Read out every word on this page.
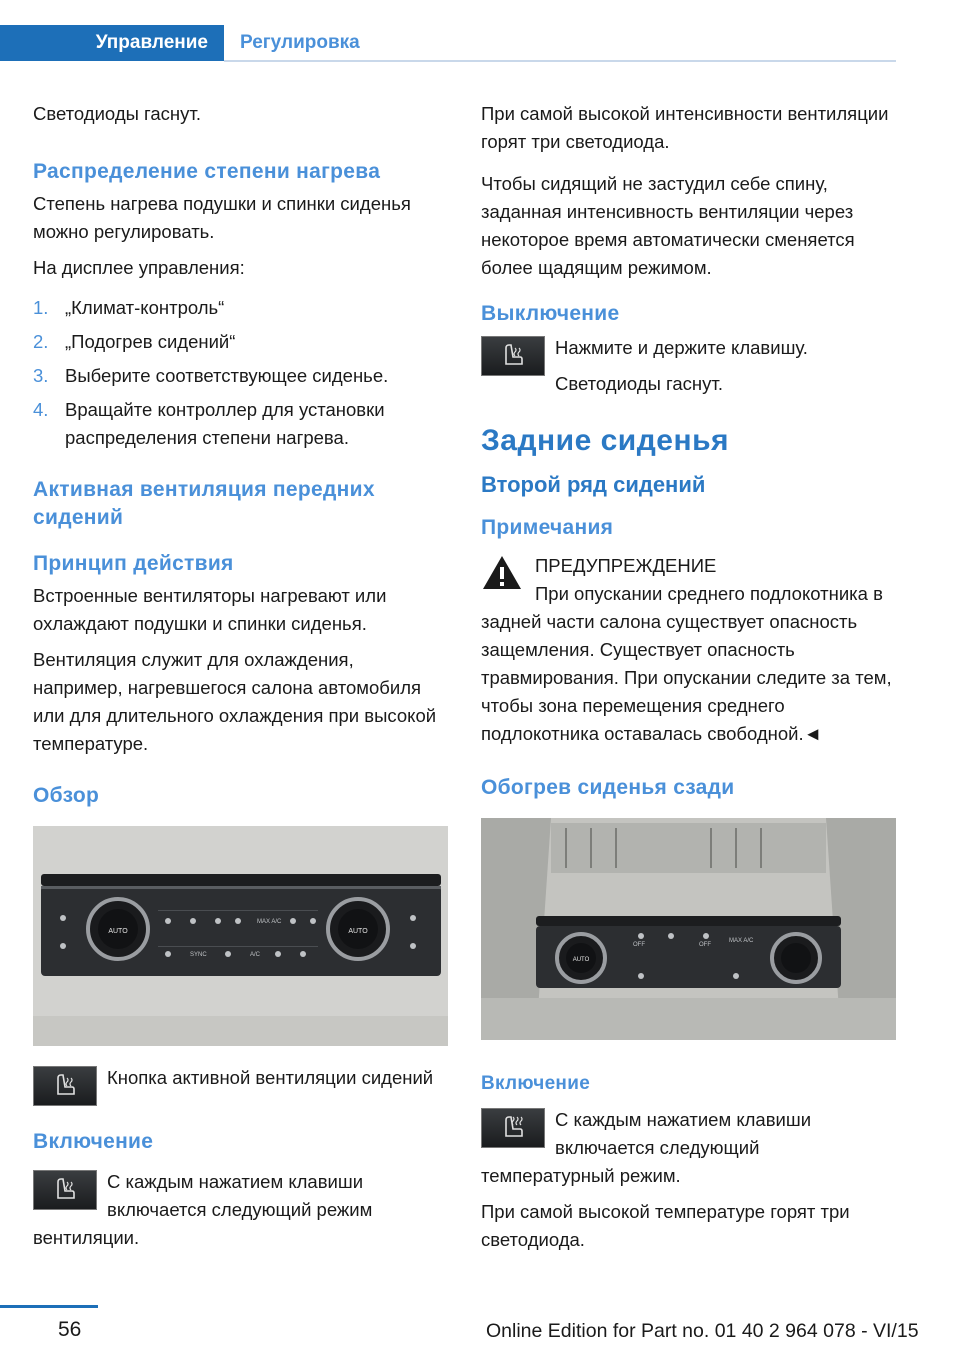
Управление	Регулировка

Светодиоды гаснут.

Распределение степени нагрева

Степень нагрева подушки и спинки сиденья можно регулировать.

На дисплее управления:

1. „Климат-контроль“
2. „Подогрев сидений“
3. Выберите соответствующее сиденье.
4. Вращайте контроллер для установки распределения степени нагрева.
Активная вентиляция передних сидений
Принцип действия

Встроенные вентиляторы нагревают или охлаждают подушки и спинки сиденья.

Вентиляция служит для охлаждения, например, нагревшегося салона автомобиля или для длительного охлаждения при высокой температуре.

Обзор
AUTO	AUTO
MAX A/C
SYNC	A/C
Кнопка активной вентиляции сидений
Включение

С каждым нажатием клавиши включается следующий режим вентиляции.

При самой высокой интенсивности вентиляции горят три светодиода.

Чтобы сидящий не застудил себе спину, заданная интенсивность вентиляции через некоторое время автоматически сменяется более щадящим режимом.

Выключение
Нажмите и держите клавишу.
Светодиоды гаснут.
Задние сиденья
Второй ряд сидений
Примечания
ПРЕДУПРЕЖДЕНИЕ

При опускании среднего подлокотника в задней части салона существует опасность защемления. Существует опасность травмирования. При опускании следите за тем, чтобы зона перемещения среднего подлокотника оставалась свободной.◄

Обогрев сиденья сзади
AUTO
OFF	OFF
MAX A/C
Включение

С каждым нажатием клавиши включается следующий температурный режим.

При самой высокой температуре горят три светодиода.

56	Online Edition for Part no. 01 40 2 964 078 - VI/15
